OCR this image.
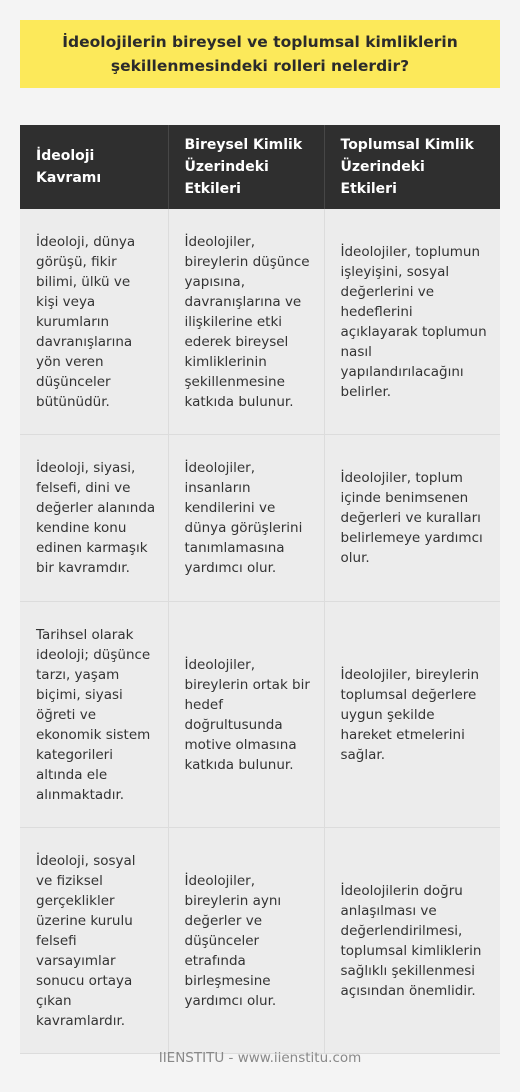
İdeolojilerin bireysel ve toplumsal kimliklerin şekillenmesindeki rolleri nelerdir?
İdeoloji Kavramı	Bireysel Kimlik Üzerindeki Etkileri	Toplumsal Kimlik Üzerindeki Etkileri
İdeoloji, dünya görüşü, fikir bilimi, ülkü ve kişi veya kurumların davranışlarına yön veren düşünceler bütünüdür.	İdeolojiler, bireylerin düşünce yapısına, davranışlarına ve ilişkilerine etki ederek bireysel kimliklerinin şekillenmesine katkıda bulunur.	İdeolojiler, toplumun işleyişini, sosyal değerlerini ve hedeflerini açıklayarak toplumun nasıl yapılandırılacağını belirler.
İdeoloji, siyasi, felsefi, dini ve değerler alanında kendine konu edinen karmaşık bir kavramdır.	İdeolojiler, insanların kendilerini ve dünya görüşlerini tanımlamasına yardımcı olur.	İdeolojiler, toplum içinde benimsenen değerleri ve kuralları belirlemeye yardımcı olur.
Tarihsel olarak ideoloji; düşünce tarzı, yaşam biçimi, siyasi öğreti ve ekonomik sistem kategorileri altında ele alınmaktadır.	İdeolojiler, bireylerin ortak bir hedef doğrultusunda motive olmasına katkıda bulunur.	İdeolojiler, bireylerin toplumsal değerlere uygun şekilde hareket etmelerini sağlar.
İdeoloji, sosyal ve fiziksel gerçeklikler üzerine kurulu felsefi varsayımlar sonucu ortaya çıkan kavramlardır.	İdeolojiler, bireylerin aynı değerler ve düşünceler etrafında birleşmesine yardımcı olur.	İdeolojilerin doğru anlaşılması ve değerlendirilmesi, toplumsal kimliklerin sağlıklı şekillenmesi açısından önemlidir.
IIENSTITU - www.iienstitu.com
